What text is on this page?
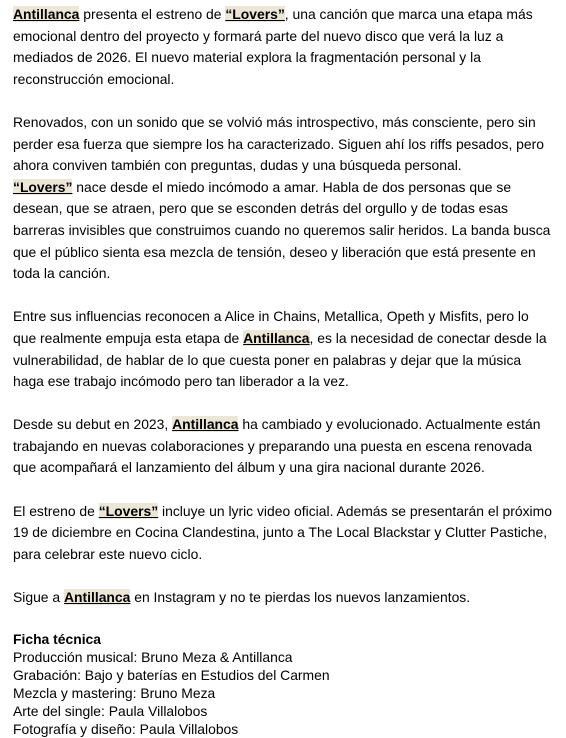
Antillanca presenta el estreno de “Lovers”, una canción que marca una etapa más emocional dentro del proyecto y formará parte del nuevo disco que verá la luz a mediados de 2026. El nuevo material explora la fragmentación personal y la reconstrucción emocional.

Renovados, con un sonido que se volvió más introspectivo, más consciente, pero sin perder esa fuerza que siempre los ha caracterizado. Siguen ahí los riffs pesados, pero ahora conviven también con preguntas, dudas y una búsqueda personal.

“Lovers” nace desde el miedo incómodo a amar. Habla de dos personas que se desean, que se atraen, pero que se esconden detrás del orgullo y de todas esas barreras invisibles que construimos cuando no queremos salir heridos. La banda busca que el público sienta esa mezcla de tensión, deseo y liberación que está presente en toda la canción.

Entre sus influencias reconocen a Alice in Chains, Metallica, Opeth y Misfits, pero lo que realmente empuja esta etapa de Antillanca, es la necesidad de conectar desde la vulnerabilidad, de hablar de lo que cuesta poner en palabras y dejar que la música haga ese trabajo incómodo pero tan liberador a la vez.

Desde su debut en 2023, Antillanca ha cambiado y evolucionado. Actualmente están trabajando en nuevas colaboraciones y preparando una puesta en escena renovada que acompañará el lanzamiento del álbum y una gira nacional durante 2026.

El estreno de “Lovers” incluye un lyric video oficial. Además se presentarán el próximo 19 de diciembre en Cocina Clandestina, junto a The Local Blackstar y Clutter Pastiche, para celebrar este nuevo ciclo.

Sigue a Antillanca en Instagram y no te pierdas los nuevos lanzamientos.

Ficha técnica

Producción musical: Bruno Meza & Antillanca

Grabación: Bajo y baterías en Estudios del Carmen

Mezcla y mastering: Bruno Meza

Arte del single: Paula Villalobos

Fotografía y diseño: Paula Villalobos
